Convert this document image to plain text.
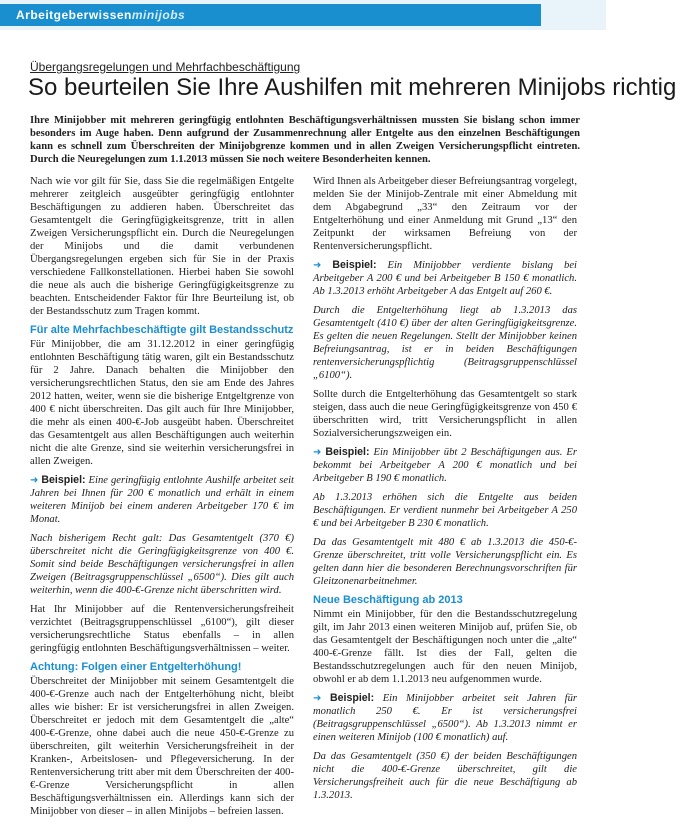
Arbeitgeberwissenminijobs
Übergangsregelungen und Mehrfachbeschäftigung
So beurteilen Sie Ihre Aushilfen mit mehreren Minijobs richtig
Ihre Minijobber mit mehreren geringfügig entlohnten Beschäftigungsverhältnissen mussten Sie bislang schon immer besonders im Auge haben. Denn aufgrund der Zusammenrechnung aller Entgelte aus den einzelnen Beschäftigungen kann es schnell zum Überschreiten der Minijobgrenze kommen und in allen Zweigen Versicherungspflicht eintreten. Durch die Neuregelungen zum 1.1.2013 müssen Sie noch weitere Besonderheiten kennen.

Nach wie vor gilt für Sie, dass Sie die regelmäßigen Entgelte mehrerer zeitgleich ausgeübter geringfügig entlohnter Beschäftigungen zu addieren haben. Überschreitet das Gesamtentgelt die Geringfügigkeitsgrenze, tritt in allen Zweigen Versicherungspflicht ein. Durch die Neuregelungen der Minijobs und die damit verbundenen Übergangsregelungen ergeben sich für Sie in der Praxis verschiedene Fallkonstellationen. Hierbei haben Sie sowohl die neue als auch die bisherige Geringfügigkeitsgrenze zu beachten. Entscheidender Faktor für Ihre Beurteilung ist, ob der Bestandsschutz zum Tragen kommt.

Für alte Mehrfachbeschäftigte gilt Bestandsschutz

Für Minijobber, die am 31.12.2012 in einer geringfügig entlohnten Beschäftigung tätig waren, gilt ein Bestandsschutz für 2 Jahre. Danach behalten die Minijobber den versicherungsrechtlichen Status, den sie am Ende des Jahres 2012 hatten, weiter, wenn sie die bisherige Entgeltgrenze von 400 € nicht überschreiten. Das gilt auch für Ihre Minijobber, die mehr als einen 400-€-Job ausgeübt haben. Überschreitet das Gesamtentgelt aus allen Beschäftigungen auch weiterhin nicht die alte Grenze, sind sie weiterhin versicherungsfrei in allen Zweigen.

➜ Beispiel: Eine geringfügig entlohnte Aushilfe arbeitet seit Jahren bei Ihnen für 200 € monatlich und erhält in einem weiteren Minijob bei einem anderen Arbeitgeber 170 € im Monat.

Nach bisherigem Recht galt: Das Gesamtentgelt (370 €) überschreitet nicht die Geringfügigkeitsgrenze von 400 €. Somit sind beide Beschäftigungen versicherungsfrei in allen Zweigen (Beitragsgruppenschlüssel „6500“). Dies gilt auch weiterhin, wenn die 400-€-Grenze nicht überschritten wird.

Hat Ihr Minijobber auf die Rentenversicherungsfreiheit verzichtet (Beitragsgruppenschlüssel „6100“), gilt dieser versicherungsrechtliche Status ebenfalls – in allen geringfügig entlohnten Beschäftigungsverhältnissen – weiter.

Achtung: Folgen einer Entgelterhöhung!

Überschreitet der Minijobber mit seinem Gesamtentgelt die 400-€-Grenze auch nach der Entgelterhöhung nicht, bleibt alles wie bisher: Er ist versicherungsfrei in allen Zweigen. Überschreitet er jedoch mit dem Gesamtentgelt die „alte“ 400-€-Grenze, ohne dabei auch die neue 450-€-Grenze zu überschreiten, gilt weiterhin Versicherungsfreiheit in der Kranken-, Arbeitslosen- und Pflegeversicherung. In der Rentenversicherung tritt aber mit dem Überschreiten der 400-€-Grenze Versicherungspflicht in allen Beschäftigungsverhältnissen ein. Allerdings kann sich der Minijobber von dieser – in allen Minijobs – befreien lassen.

Wird Ihnen als Arbeitgeber dieser Befreiungsantrag vorgelegt, melden Sie der Minijob-Zentrale mit einer Abmeldung mit dem Abgabegrund „33“ den Zeitraum vor der Entgelterhöhung und einer Anmeldung mit Grund „13“ den Zeitpunkt der wirksamen Befreiung von der Rentenversicherungspflicht.

➜ Beispiel: Ein Minijobber verdiente bislang bei Arbeitgeber A 200 € und bei Arbeitgeber B 150 € monatlich. Ab 1.3.2013 erhöht Arbeitgeber A das Entgelt auf 260 €.

Durch die Entgelterhöhung liegt ab 1.3.2013 das Gesamtentgelt (410 €) über der alten Geringfügigkeitsgrenze. Es gelten die neuen Regelungen. Stellt der Minijobber keinen Befreiungsantrag, ist er in beiden Beschäftigungen rentenversicherungspflichtig (Beitragsgruppenschlüssel „6100“).

Sollte durch die Entgelterhöhung das Gesamtentgelt so stark steigen, dass auch die neue Geringfügigkeitsgrenze von 450 € überschritten wird, tritt Versicherungspflicht in allen Sozialversicherungszweigen ein.

➜ Beispiel: Ein Minijobber übt 2 Beschäftigungen aus. Er bekommt bei Arbeitgeber A 200 € monatlich und bei Arbeitgeber B 190 € monatlich.

Ab 1.3.2013 erhöhen sich die Entgelte aus beiden Beschäftigungen. Er verdient nunmehr bei Arbeitgeber A 250 € und bei Arbeitgeber B 230 € monatlich.

Da das Gesamtentgelt mit 480 € ab 1.3.2013 die 450-€-Grenze überschreitet, tritt volle Versicherungspflicht ein. Es gelten dann hier die besonderen Berechnungsvorschriften für Gleitzonenarbeitnehmer.

Neue Beschäftigung ab 2013

Nimmt ein Minijobber, für den die Bestandsschutzregelung gilt, im Jahr 2013 einen weiteren Minijob auf, prüfen Sie, ob das Gesamtentgelt der Beschäftigungen noch unter die „alte“ 400-€-Grenze fällt. Ist dies der Fall, gelten die Bestandsschutzregelungen auch für den neuen Minijob, obwohl er ab dem 1.1.2013 neu aufgenommen wurde.

➜ Beispiel: Ein Minijobber arbeitet seit Jahren für monatlich 250 €. Er ist versicherungsfrei (Beitragsgruppenschlüssel „6500“). Ab 1.3.2013 nimmt er einen weiteren Minijob (100 € monatlich) auf.

Da das Gesamtentgelt (350 €) der beiden Beschäftigungen nicht die 400-€-Grenze überschreitet, gilt die Versicherungsfreiheit auch für die neue Beschäftigung ab 1.3.2013.
